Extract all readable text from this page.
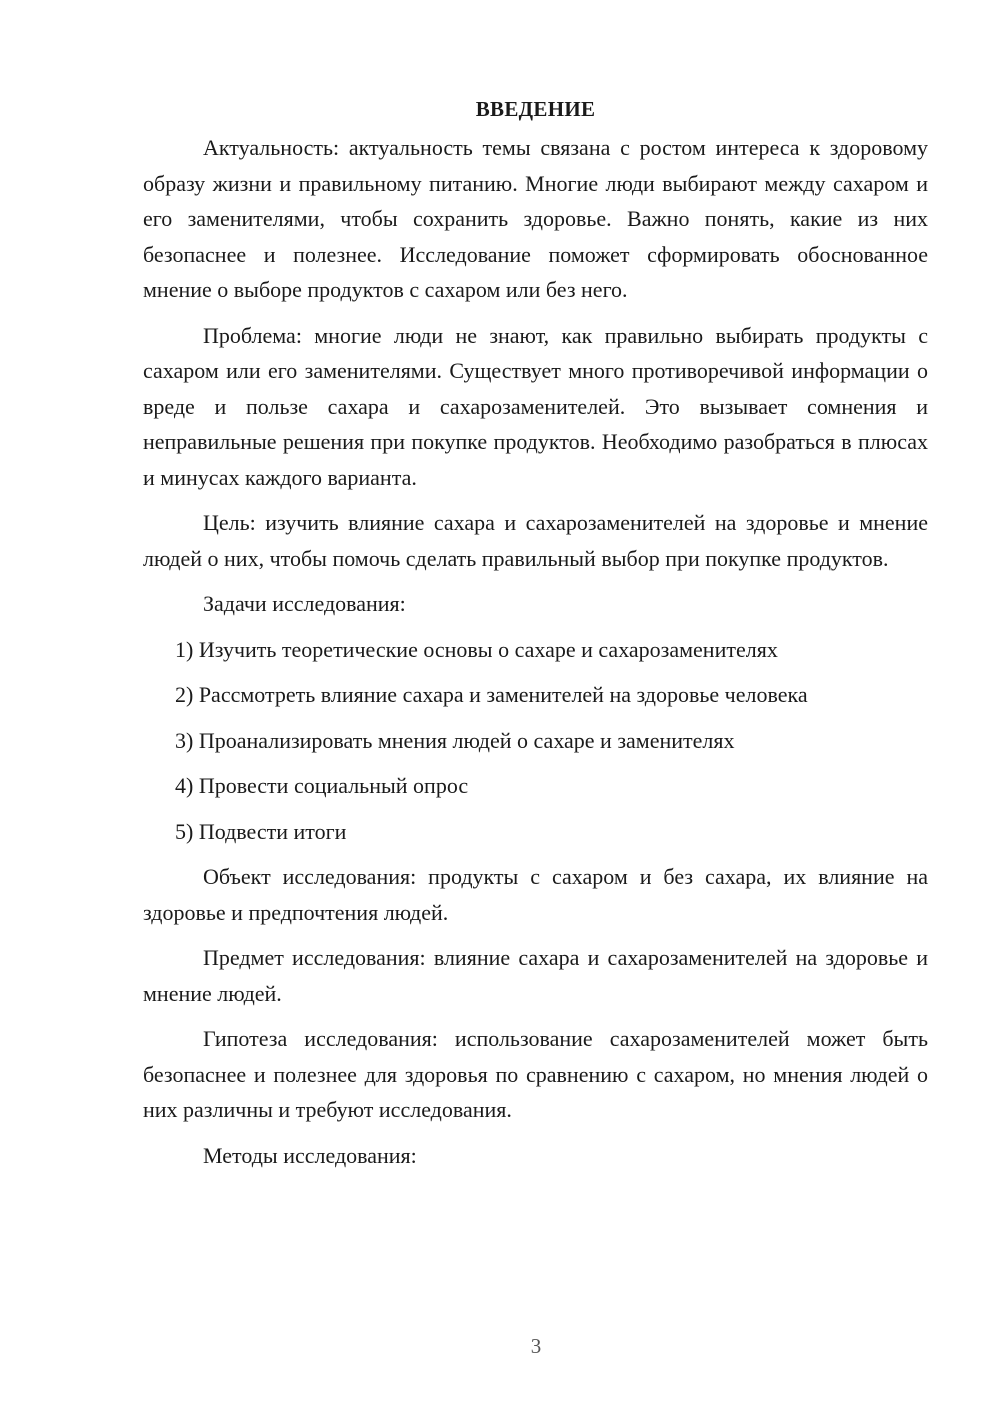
ВВЕДЕНИЕ

Актуальность: актуальность темы связана с ростом интереса к здоровому образу жизни и правильному питанию. Многие люди выбирают между сахаром и его заменителями, чтобы сохранить здоровье. Важно понять, какие из них безопаснее и полезнее. Исследование поможет сформировать обоснованное мнение о выборе продуктов с сахаром или без него.

Проблема: многие люди не знают, как правильно выбирать продукты с сахаром или его заменителями. Существует много противоречивой информации о вреде и пользе сахара и сахарозаменителей. Это вызывает сомнения и неправильные решения при покупке продуктов. Необходимо разобраться в плюсах и минусах каждого варианта.

Цель: изучить влияние сахара и сахарозаменителей на здоровье и мнение людей о них, чтобы помочь сделать правильный выбор при покупке продуктов.

Задачи исследования:

1) Изучить теоретические основы о сахаре и сахарозаменителях
2) Рассмотреть влияние сахара и заменителей на здоровье человека
3) Проанализировать мнения людей о сахаре и заменителях
4) Провести социальный опрос
5) Подвести итоги

Объект исследования: продукты с сахаром и без сахара, их влияние на здоровье и предпочтения людей.

Предмет исследования: влияние сахара и сахарозаменителей на здоровье и мнение людей.

Гипотеза исследования: использование сахарозаменителей может быть безопаснее и полезнее для здоровья по сравнению с сахаром, но мнения людей о них различны и требуют исследования.

Методы исследования:

3
